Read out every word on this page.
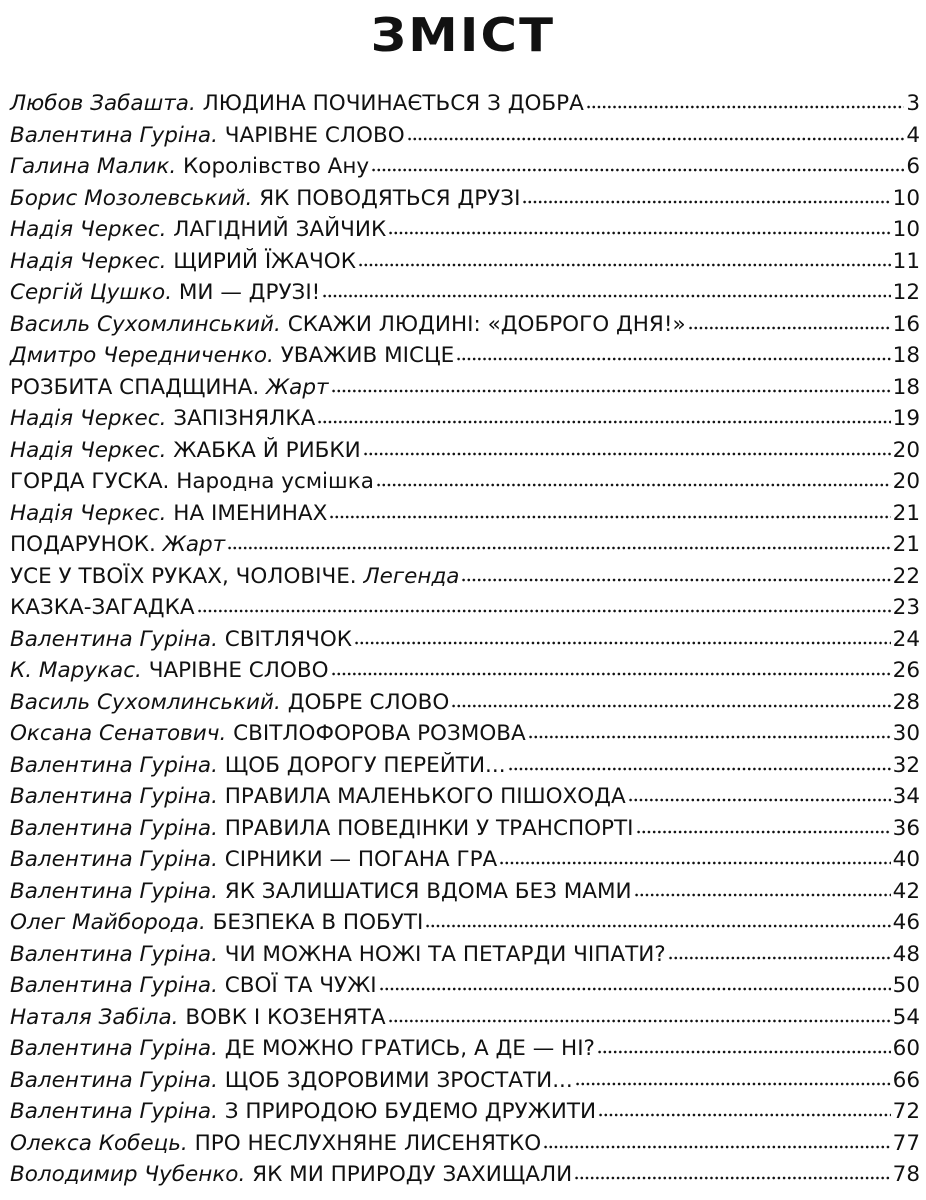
ЗМІСТ
Любов Забашта. ЛЮДИНА ПОЧИНАЄТЬСЯ З ДОБРА	3
Валентина Гуріна. ЧАРІВНЕ СЛОВО	4
Галина Малик. Королівство Ану	6
Борис Мозолевський. ЯК ПОВОДЯТЬСЯ ДРУЗІ	10
Надія Черкес. ЛАГІДНИЙ ЗАЙЧИК	10
Надія Черкес. ЩИРИЙ ЇЖАЧОК	11
Сергій Цушко. МИ — ДРУЗІ!	12
Василь Сухомлинський. СКАЖИ ЛЮДИНІ: «ДОБРОГО ДНЯ!»	16
Дмитро Чередниченко. УВАЖИВ МІСЦЕ	18
РОЗБИТА СПАДЩИНА. Жарт	18
Надія Черкес. ЗАПІЗНЯЛКА	19
Надія Черкес. ЖАБКА Й РИБКИ	20
ГОРДА ГУСКА. Народна усмішка	20
Надія Черкес. НА ІМЕНИНАХ	21
ПОДАРУНОК. Жарт	21
УСЕ У ТВОЇХ РУКАХ, ЧОЛОВІЧЕ. Легенда	22
КАЗКА-ЗАГАДКА	23
Валентина Гуріна. СВІТЛЯЧОК	24
К. Марукас. ЧАРІВНЕ СЛОВО	26
Василь Сухомлинський. ДОБРЕ СЛОВО	28
Оксана Сенатович. СВІТЛОФОРОВА РОЗМОВА	30
Валентина Гуріна. ЩОБ ДОРОГУ ПЕРЕЙТИ...	32
Валентина Гуріна. ПРАВИЛА МАЛЕНЬКОГО ПІШОХОДА	34
Валентина Гуріна. ПРАВИЛА ПОВЕДІНКИ У ТРАНСПОРТІ	36
Валентина Гуріна. СІРНИКИ — ПОГАНА ГРА	40
Валентина Гуріна. ЯК ЗАЛИШАТИСЯ ВДОМА БЕЗ МАМИ	42
Олег Майборода. БЕЗПЕКА В ПОБУТІ	46
Валентина Гуріна. ЧИ МОЖНА НОЖІ ТА ПЕТАРДИ ЧІПАТИ?	48
Валентина Гуріна. СВОЇ ТА ЧУЖІ	50
Наталя Забіла. ВОВК І КОЗЕНЯТА	54
Валентина Гуріна. ДЕ МОЖНО ГРАТИСЬ, А ДЕ — НІ?	60
Валентина Гуріна. ЩОБ ЗДОРОВИМИ ЗРОСТАТИ...	66
Валентина Гуріна. З ПРИРОДОЮ БУДЕМО ДРУЖИТИ	72
Олекса Кобець. ПРО НЕСЛУХНЯНЕ ЛИСЕНЯТКО	77
Володимир Чубенко. ЯК МИ ПРИРОДУ ЗАХИЩАЛИ	78
